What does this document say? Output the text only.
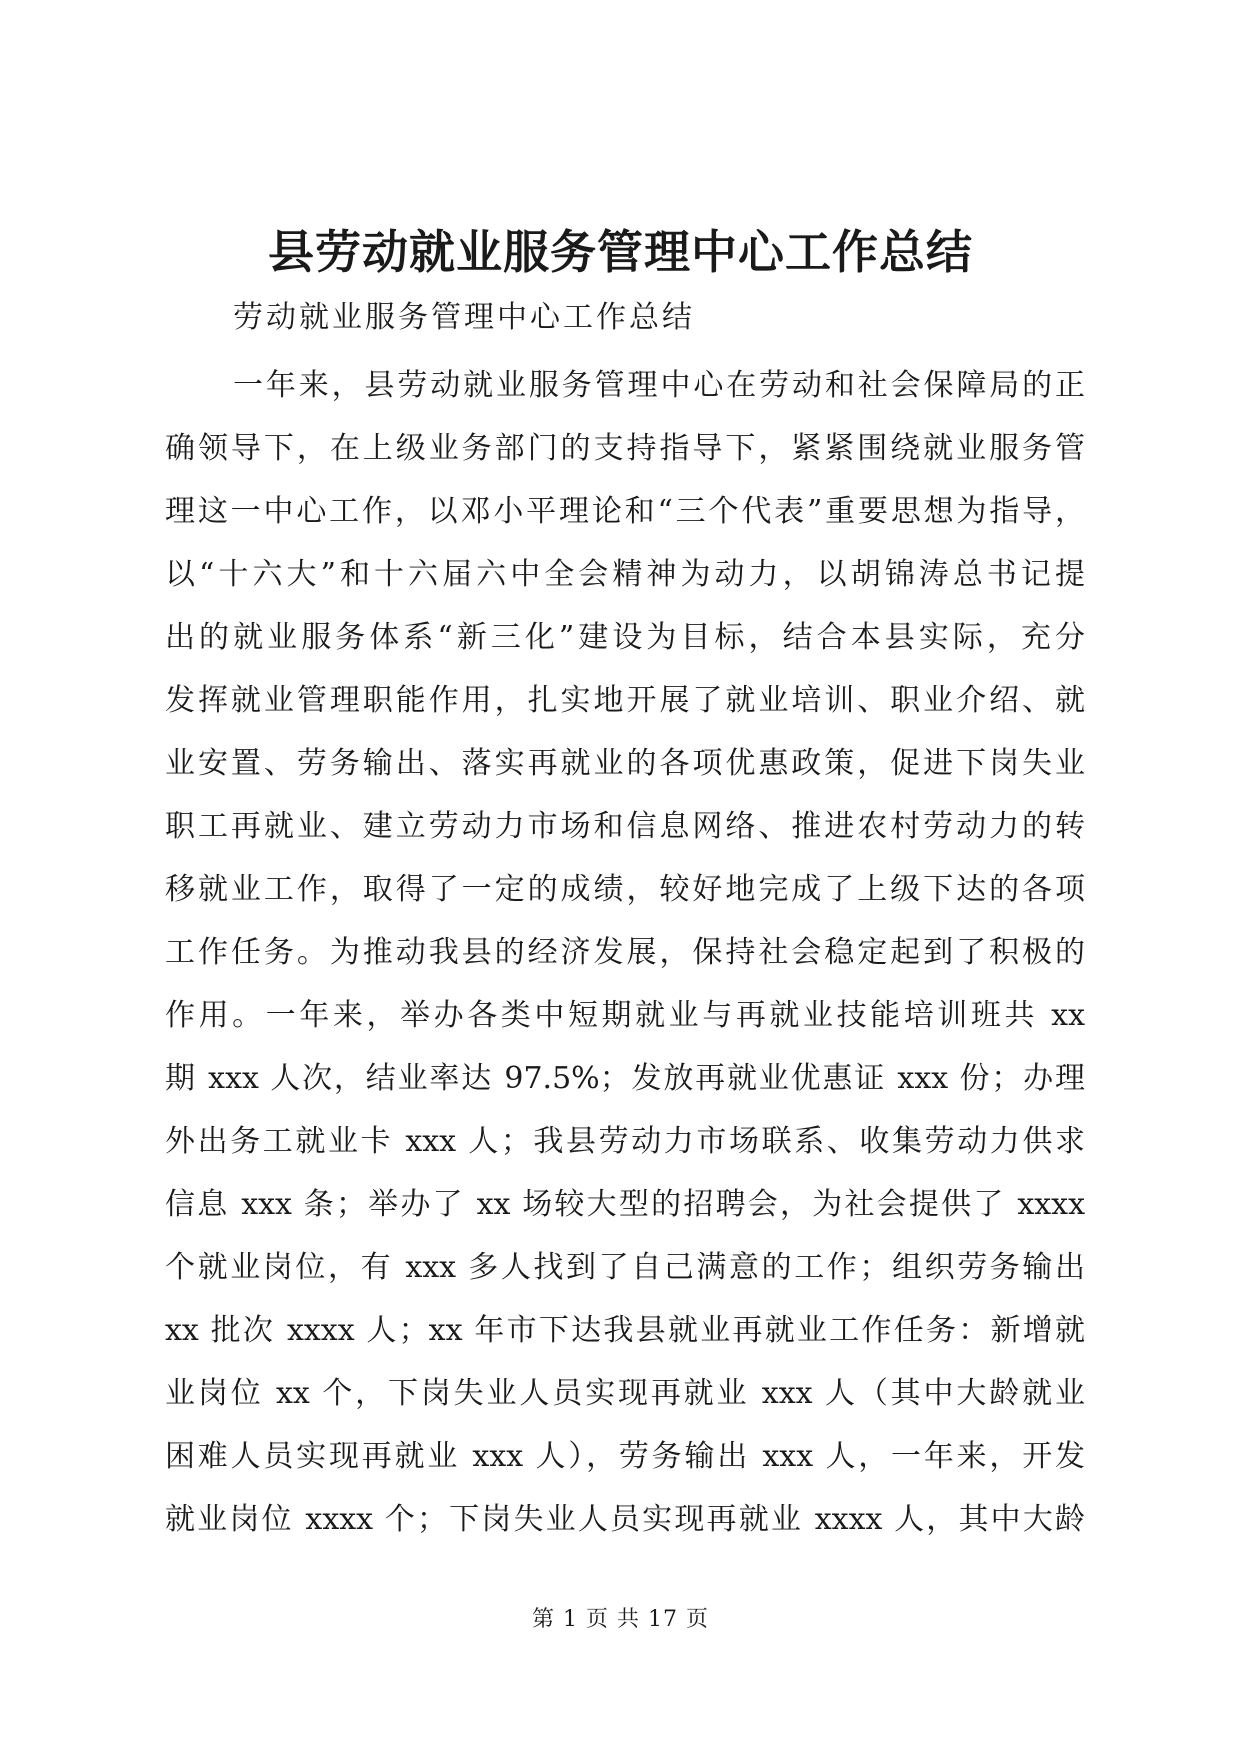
县劳动就业服务管理中心工作总结

劳动就业服务管理中心工作总结

一年来，县劳动就业服务管理中心在劳动和社会保障局的正
确领导下，在上级业务部门的支持指导下，紧紧围绕就业服务管
理这一中心工作，以邓小平理论和“三个代表”重要思想为指导，
以“十六大”和十六届六中全会精神为动力，以胡锦涛总书记提
出的就业服务体系“新三化”建设为目标，结合本县实际，充分
发挥就业管理职能作用，扎实地开展了就业培训、职业介绍、就
业安置、劳务输出、落实再就业的各项优惠政策，促进下岗失业
职工再就业、建立劳动力市场和信息网络、推进农村劳动力的转
移就业工作，取得了一定的成绩，较好地完成了上级下达的各项
工作任务。为推动我县的经济发展，保持社会稳定起到了积极的
作用。一年来，举办各类中短期就业与再就业技能培训班共 xx
期 xxx 人次，结业率达 97.5%；发放再就业优惠证 xxx 份；办理
外出务工就业卡 xxx 人；我县劳动力市场联系、收集劳动力供求
信息 xxx 条；举办了 xx 场较大型的招聘会，为社会提供了 xxxx
个就业岗位，有 xxx 多人找到了自己满意的工作；组织劳务输出
xx 批次 xxxx 人；xx 年市下达我县就业再就业工作任务：新增就
业岗位 xx 个，下岗失业人员实现再就业 xxx 人（其中大龄就业
困难人员实现再就业 xxx 人），劳务输出 xxx 人，一年来，开发
就业岗位 xxxx 个；下岗失业人员实现再就业 xxxx 人，其中大龄
第 1 页 共 17 页
